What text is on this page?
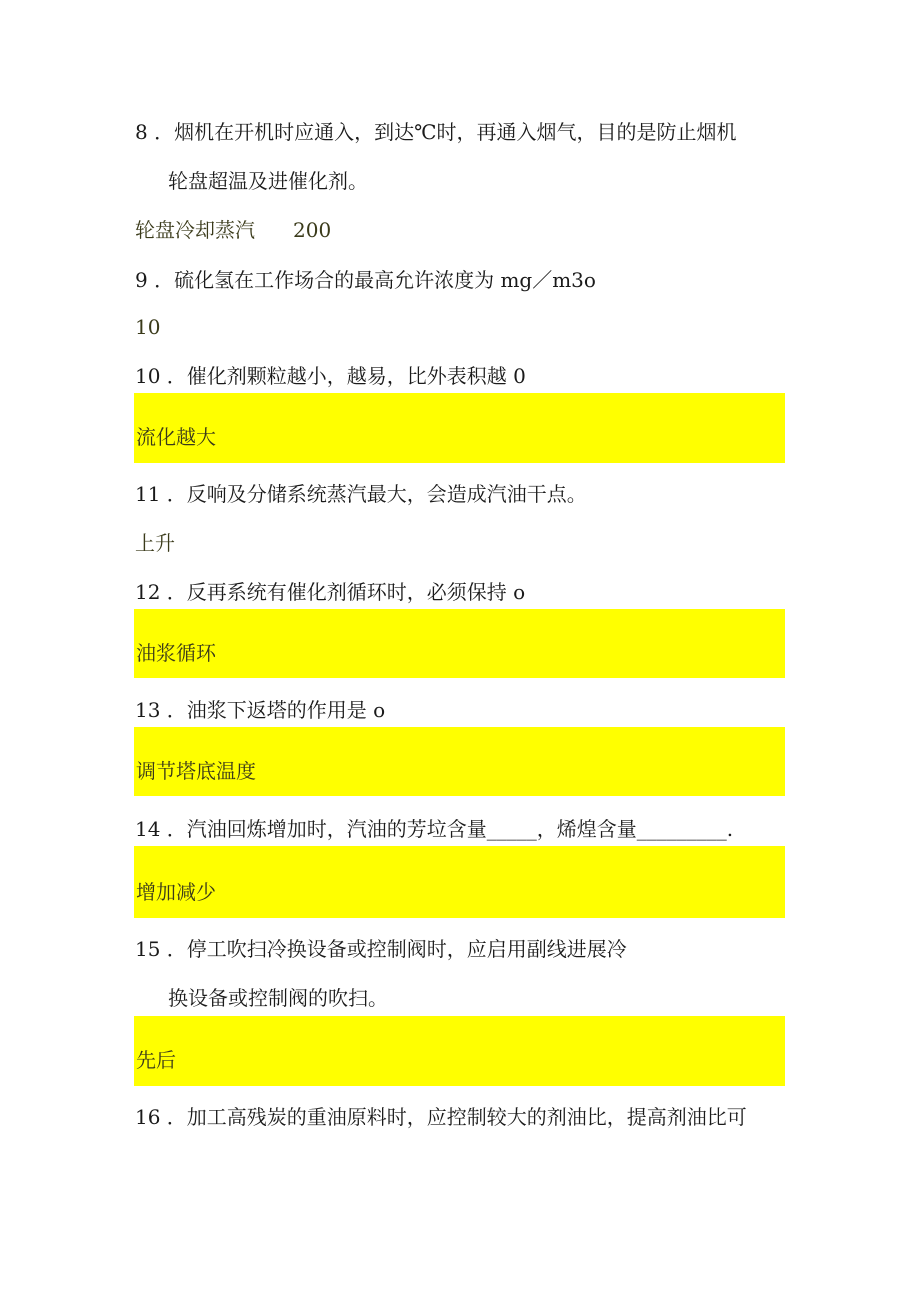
8 ．烟机在开机时应通入，到达℃时，再通入烟气，目的是防止烟机
轮盘超温及进催化剂。
轮盘冷却蒸汽 200
9 ．硫化氢在工作场合的最高允许浓度为 mg／m3o
10
10 ．催化剂颗粒越小，越易，比外表积越 0
流化越大
11 ．反响及分储系统蒸汽最大，会造成汽油干点。
上升
12 ．反再系统有催化剂循环时，必须保持 o
油浆循环
13 ．油浆下返塔的作用是 o
调节塔底温度
14 ．汽油回炼增加时，汽油的芳垃含量_____，烯煌含量_________.
增加减少
15 ．停工吹扫冷换设备或控制阀时，应启用副线进展冷
换设备或控制阀的吹扫。
先后
16 ．加工高残炭的重油原料时，应控制较大的剂油比，提高剂油比可
